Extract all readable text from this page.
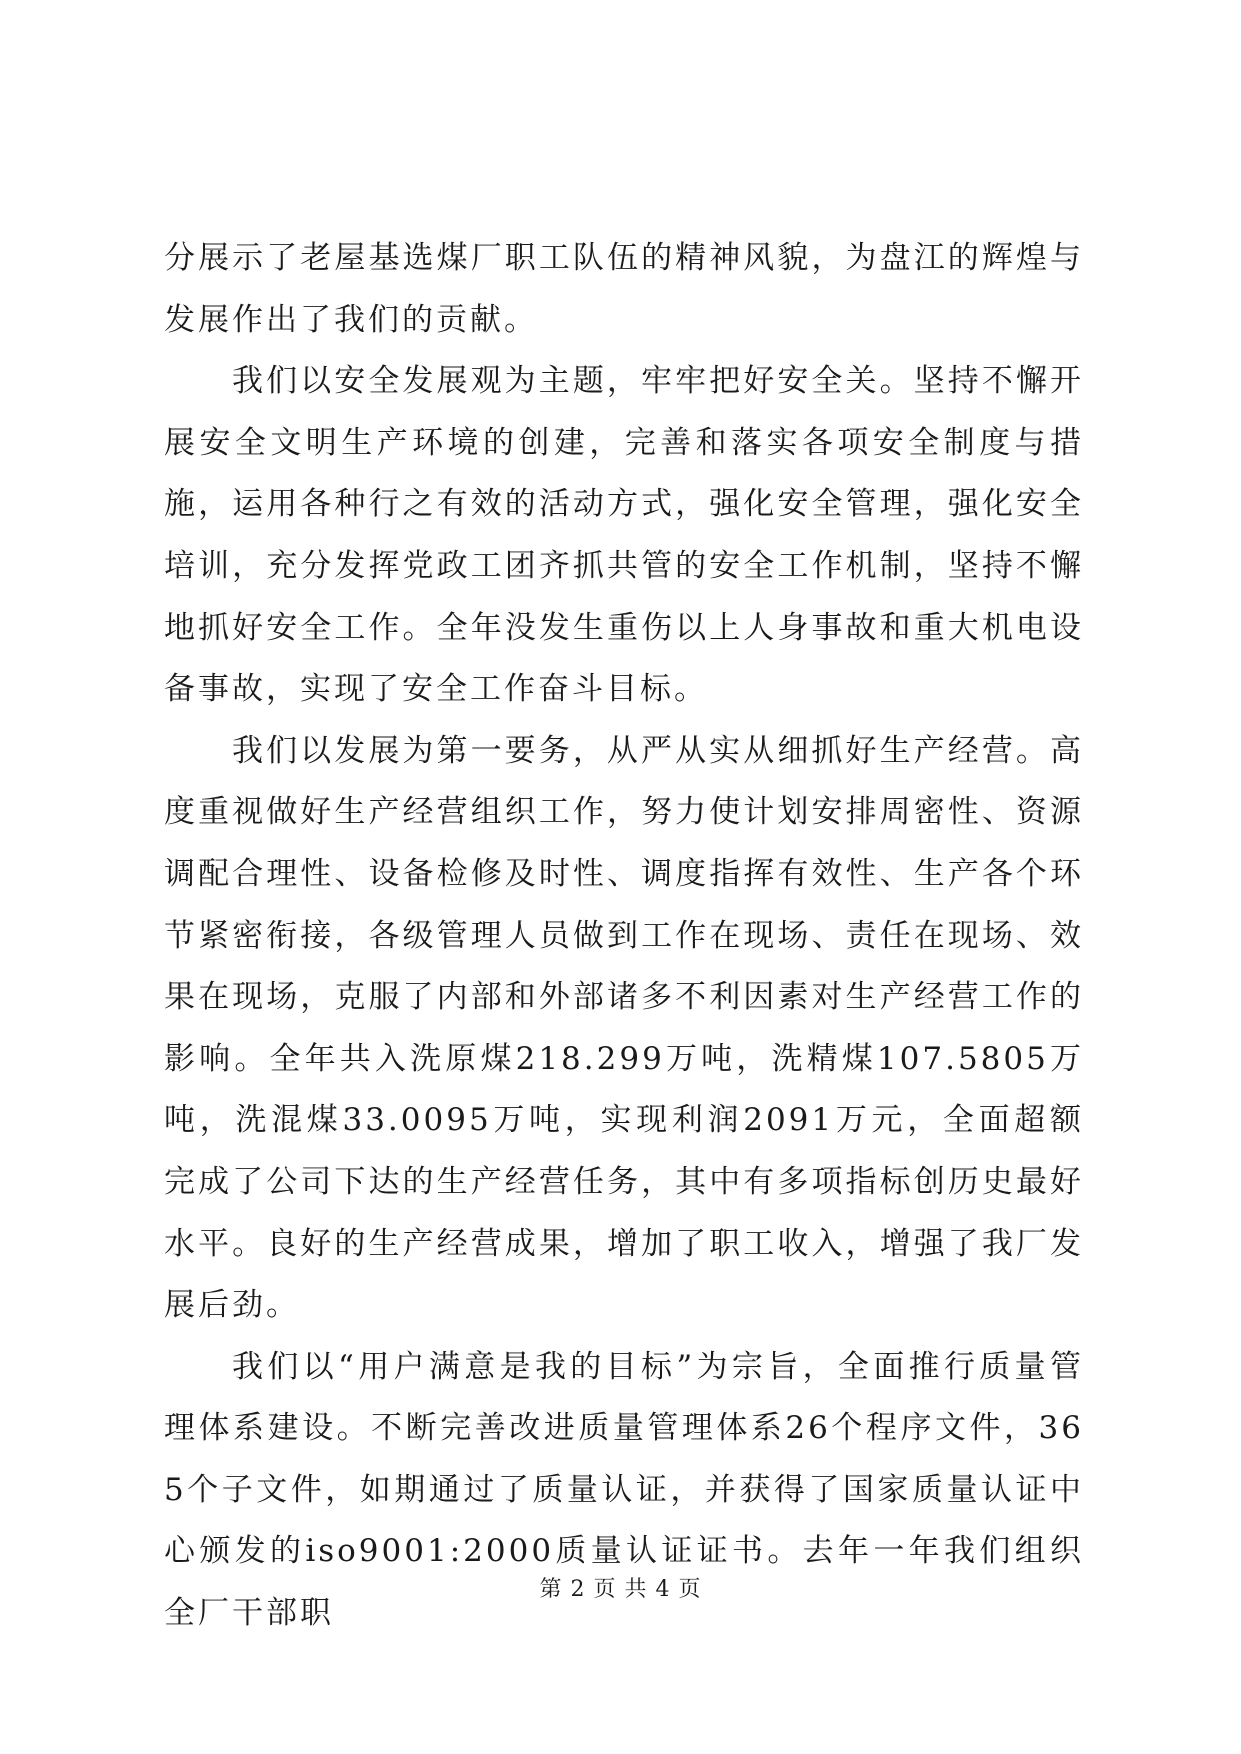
分展示了老屋基选煤厂职工队伍的精神风貌，为盘江的辉煌与发展作出了我们的贡献。

我们以安全发展观为主题，牢牢把好安全关。坚持不懈开展安全文明生产环境的创建，完善和落实各项安全制度与措施，运用各种行之有效的活动方式，强化安全管理，强化安全培训，充分发挥党政工团齐抓共管的安全工作机制，坚持不懈地抓好安全工作。全年没发生重伤以上人身事故和重大机电设备事故，实现了安全工作奋斗目标。

我们以发展为第一要务，从严从实从细抓好生产经营。高度重视做好生产经营组织工作，努力使计划安排周密性、资源调配合理性、设备检修及时性、调度指挥有效性、生产各个环节紧密衔接，各级管理人员做到工作在现场、责任在现场、效果在现场，克服了内部和外部诸多不利因素对生产经营工作的影响。全年共入洗原煤218.299万吨，洗精煤107.5805万吨，洗混煤33.0095万吨，实现利润2091万元，全面超额完成了公司下达的生产经营任务，其中有多项指标创历史最好水平。良好的生产经营成果，增加了职工收入，增强了我厂发展后劲。

我们以“用户满意是我的目标”为宗旨，全面推行质量管理体系建设。不断完善改进质量管理体系26个程序文件，365个子文件，如期通过了质量认证，并获得了国家质量认证中心颁发的iso9001:2000质量认证证书。去年一年我们组织全厂干部职

第 2 页 共 4 页
